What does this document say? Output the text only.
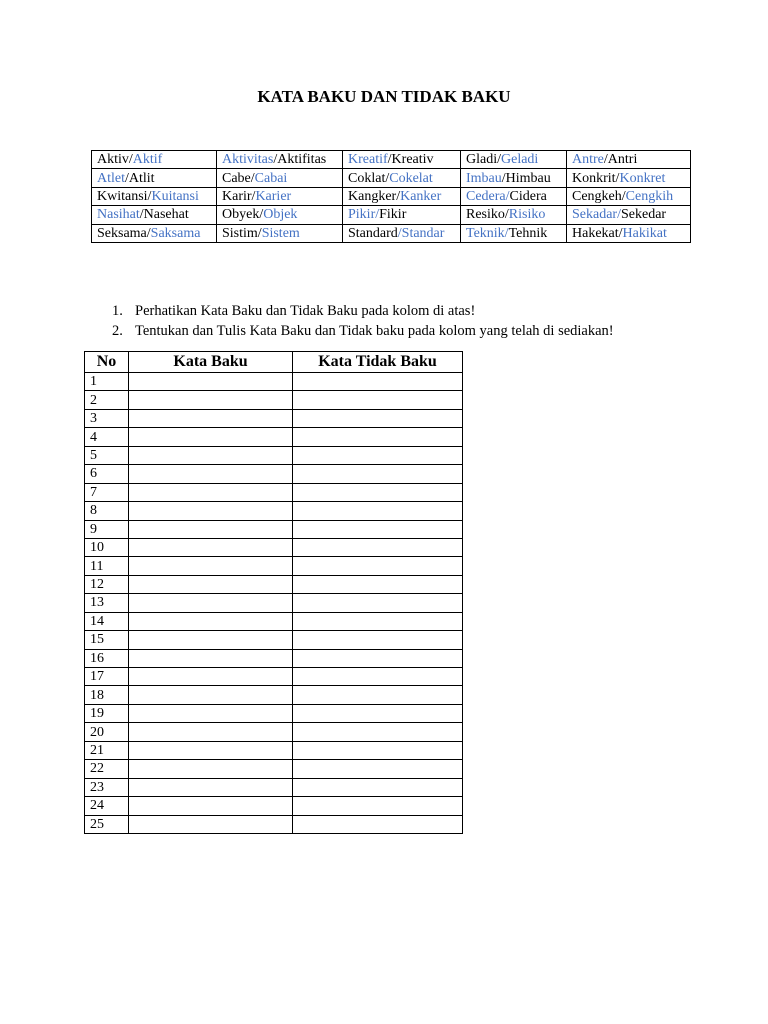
KATA BAKU DAN TIDAK BAKU
Aktiv/Aktif	Aktivitas/Aktifitas	Kreatif/Kreativ	Gladi/Geladi	Antre/Antri
Atlet/Atlit	Cabe/Cabai	Coklat/Cokelat	Imbau/Himbau	Konkrit/Konkret
Kwitansi/Kuitansi	Karir/Karier	Kangker/Kanker	Cedera/Cidera	Cengkeh/Cengkih
Nasihat/Nasehat	Obyek/Objek	Pikir/Fikir	Resiko/Risiko	Sekadar/Sekedar
Seksama/Saksama	Sistim/Sistem	Standard/Standar	Teknik/Tehnik	Hakekat/Hakikat
1. Perhatikan Kata Baku dan Tidak Baku pada kolom di atas!
2. Tentukan dan Tulis Kata Baku dan Tidak baku pada kolom yang telah di sediakan!
No	Kata Baku	Kata Tidak Baku
1		
2		
3		
4		
5		
6		
7		
8		
9		
10		
11		
12		
13		
14		
15		
16		
17		
18		
19		
20		
21		
22		
23		
24		
25		
